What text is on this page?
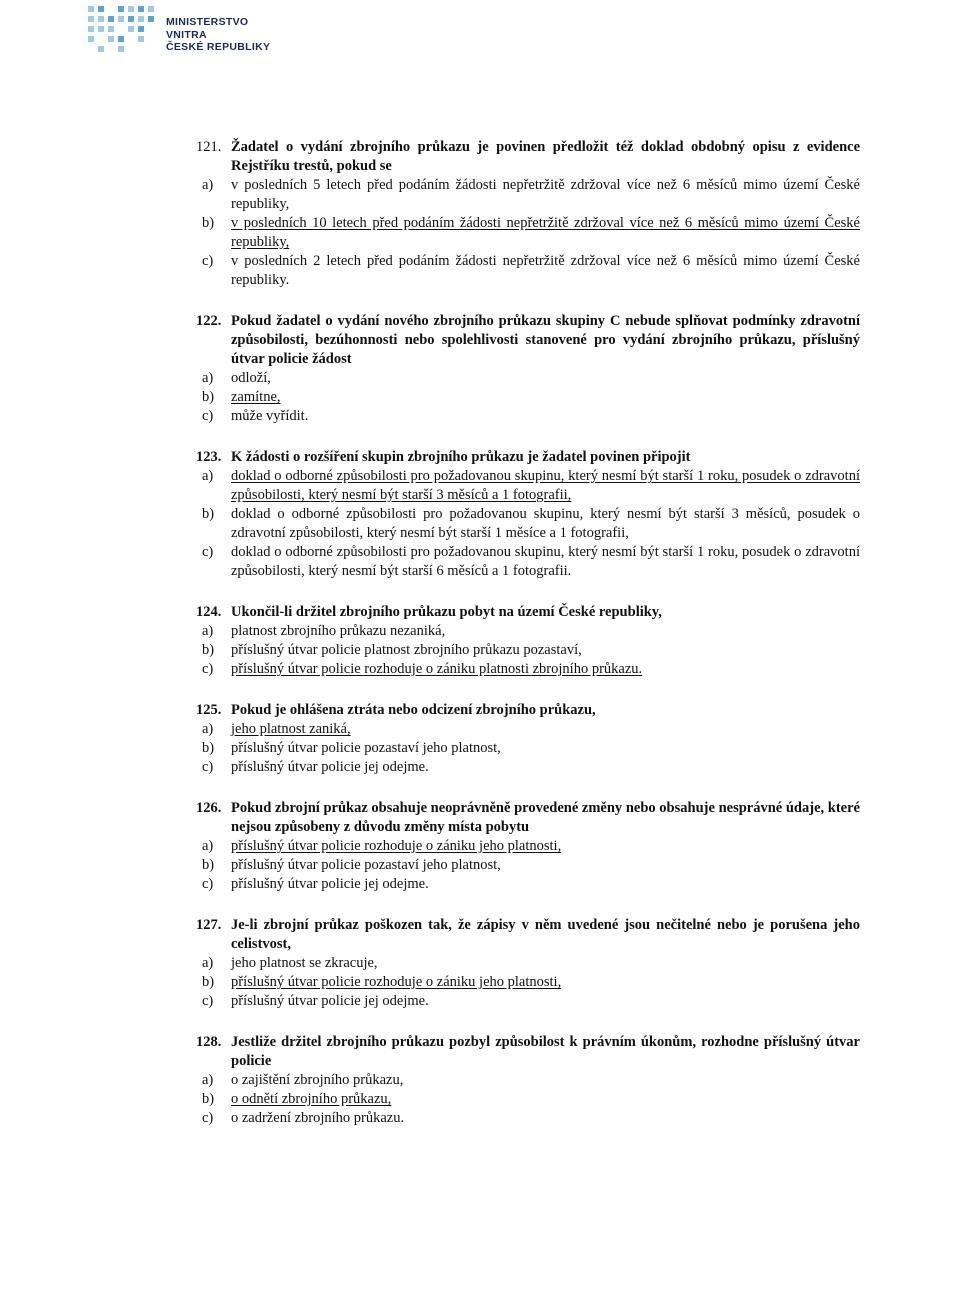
MINISTERSTVO VNITRA
ČESKÉ REPUBLIKY
121. Žadatel o vydání zbrojního průkazu je povinen předložit též doklad obdobný opisu z evidence Rejstříku trestů, pokud se
a)	v posledních 5 letech před podáním žádosti nepřetržitě zdržoval více než 6 měsíců mimo území České republiky,
b)	v posledních 10 letech před podáním žádosti nepřetržitě zdržoval více než 6 měsíců mimo území České republiky,
c)	v posledních 2 letech před podáním žádosti nepřetržitě zdržoval více než 6 měsíců mimo území České republiky.
122. Pokud žadatel o vydání nového zbrojního průkazu skupiny C nebude splňovat podmínky zdravotní způsobilosti, bezúhonnosti nebo spolehlivosti stanovené pro vydání zbrojního průkazu, příslušný útvar policie žádost
a)	odloží,
b)	zamítne,
c)	může vyřídit.
123. K žádosti o rozšíření skupin zbrojního průkazu je žadatel povinen připojit
a)	doklad o odborné způsobilosti pro požadovanou skupinu, který nesmí být starší 1 roku, posudek o zdravotní způsobilosti, který nesmí být starší 3 měsíců a 1 fotografii,
b)	doklad o odborné způsobilosti pro požadovanou skupinu, který nesmí být starší 3 měsíců, posudek o zdravotní způsobilosti, který nesmí být starší 1 měsíce a 1 fotografii,
c)	doklad o odborné způsobilosti pro požadovanou skupinu, který nesmí být starší 1 roku, posudek o zdravotní způsobilosti, který nesmí být starší 6 měsíců a 1 fotografii.
124. Ukončil-li držitel zbrojního průkazu pobyt na území České republiky,
a)	platnost zbrojního průkazu nezaniká,
b)	příslušný útvar policie platnost zbrojního průkazu pozastaví,
c)	příslušný útvar policie rozhoduje o zániku platnosti zbrojního průkazu.
125. Pokud je ohlášena ztráta nebo odcizení zbrojního průkazu,
a)	jeho platnost zaniká,
b)	příslušný útvar policie pozastaví jeho platnost,
c)	příslušný útvar policie jej odejme.
126. Pokud zbrojní průkaz obsahuje neoprávněně provedené změny nebo obsahuje nesprávné údaje, které nejsou způsobeny z důvodu změny místa pobytu
a)	příslušný útvar policie rozhoduje o zániku jeho platnosti,
b)	příslušný útvar policie pozastaví jeho platnost,
c)	příslušný útvar policie jej odejme.
127. Je-li zbrojní průkaz poškozen tak, že zápisy v něm uvedené jsou nečitelné nebo je porušena jeho celistvost,
a)	jeho platnost se zkracuje,
b)	příslušný útvar policie rozhoduje o zániku jeho platnosti,
c)	příslušný útvar policie jej odejme.
128. Jestliže držitel zbrojního průkazu pozbyl způsobilost k právním úkonům, rozhodne příslušný útvar policie
a)	o zajištění zbrojního průkazu,
b)	o odnětí zbrojního průkazu,
c)	o zadržení zbrojního průkazu.
